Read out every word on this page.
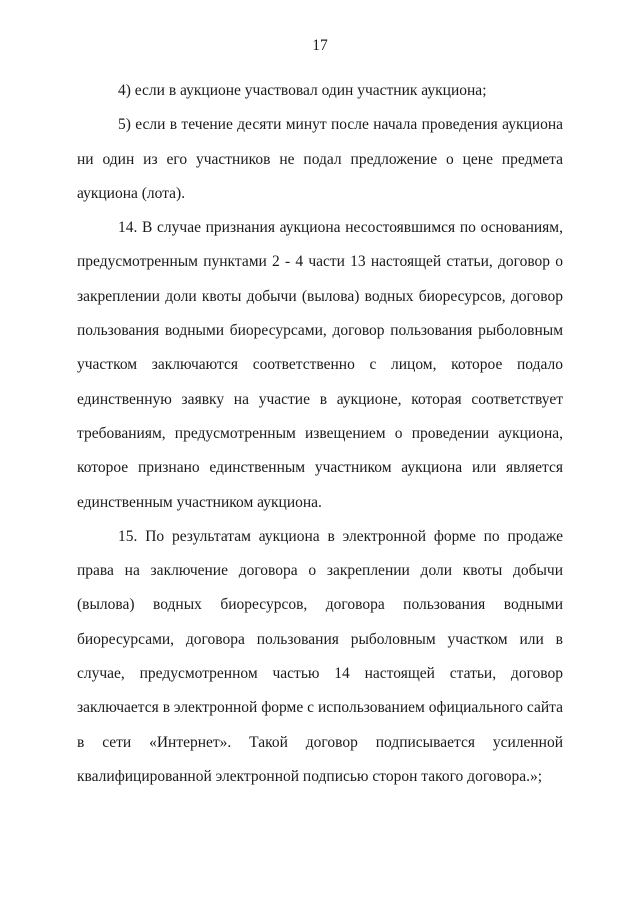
17

4) если в аукционе участвовал один участник аукциона;

5) если в течение десяти минут после начала проведения аукциона ни один из его участников не подал предложение о цене предмета аукциона (лота).

14. В случае признания аукциона несостоявшимся по основаниям, предусмотренным пунктами 2 - 4 части 13 настоящей статьи, договор о закреплении доли квоты добычи (вылова) водных биоресурсов, договор пользования водными биоресурсами, договор пользования рыболовным участком заключаются соответственно с лицом, которое подало единственную заявку на участие в аукционе, которая соответствует требованиям, предусмотренным извещением о проведении аукциона, которое признано единственным участником аукциона или является единственным участником аукциона.

15. По результатам аукциона в электронной форме по продаже права на заключение договора о закреплении доли квоты добычи (вылова) водных биоресурсов, договора пользования водными биоресурсами, договора пользования рыболовным участком или в случае, предусмотренном частью 14 настоящей статьи, договор заключается в электронной форме с использованием официального сайта в сети «Интернет». Такой договор подписывается усиленной квалифицированной электронной подписью сторон такого договора.»;
